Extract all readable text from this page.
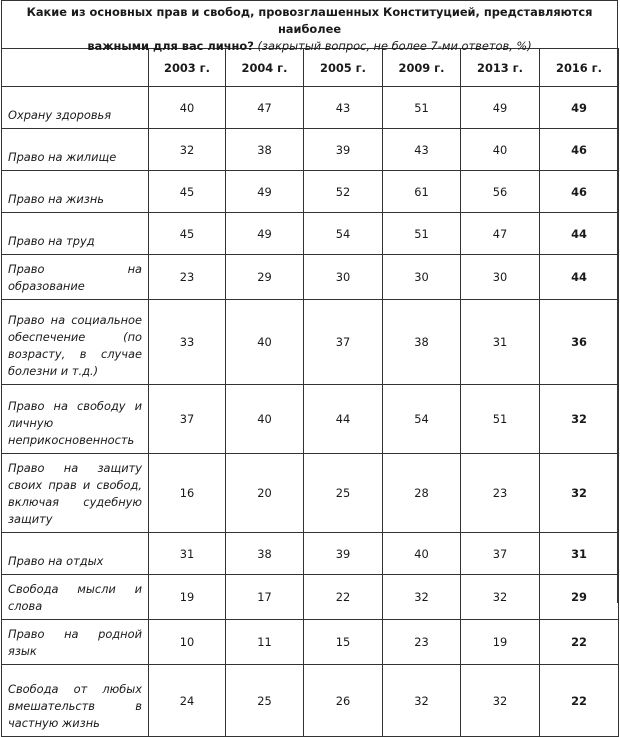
Какие из основных прав и свобод, провозглашенных Конституцией, представляются наиболее
важными для вас лично? (закрытый вопрос, не более 7-ми ответов, %)
	2003 г.	2004 г.	2005 г.	2009 г.	2013 г.	2016 г.
Охрану здоровья	40	47	43	51	49	49
Право на жилище	32	38	39	43	40	46
Право на жизнь	45	49	52	61	56	46
Право на труд	45	49	54	51	47	44
Право на образование	23	29	30	30	30	44
Право на социальное обеспечение (по возрасту, в случае болезни и т.д.)	33	40	37	38	31	36
Право на свободу и личную неприкосновенность	37	40	44	54	51	32
Право на защиту своих прав и свобод, включая судебную защиту	16	20	25	28	23	32
Право на отдых	31	38	39	40	37	31
Свобода мысли и слова	19	17	22	32	32	29
Право на родной язык	10	11	15	23	19	22
Свобода от любых вмешательств в частную жизнь	24	25	26	32	32	22
